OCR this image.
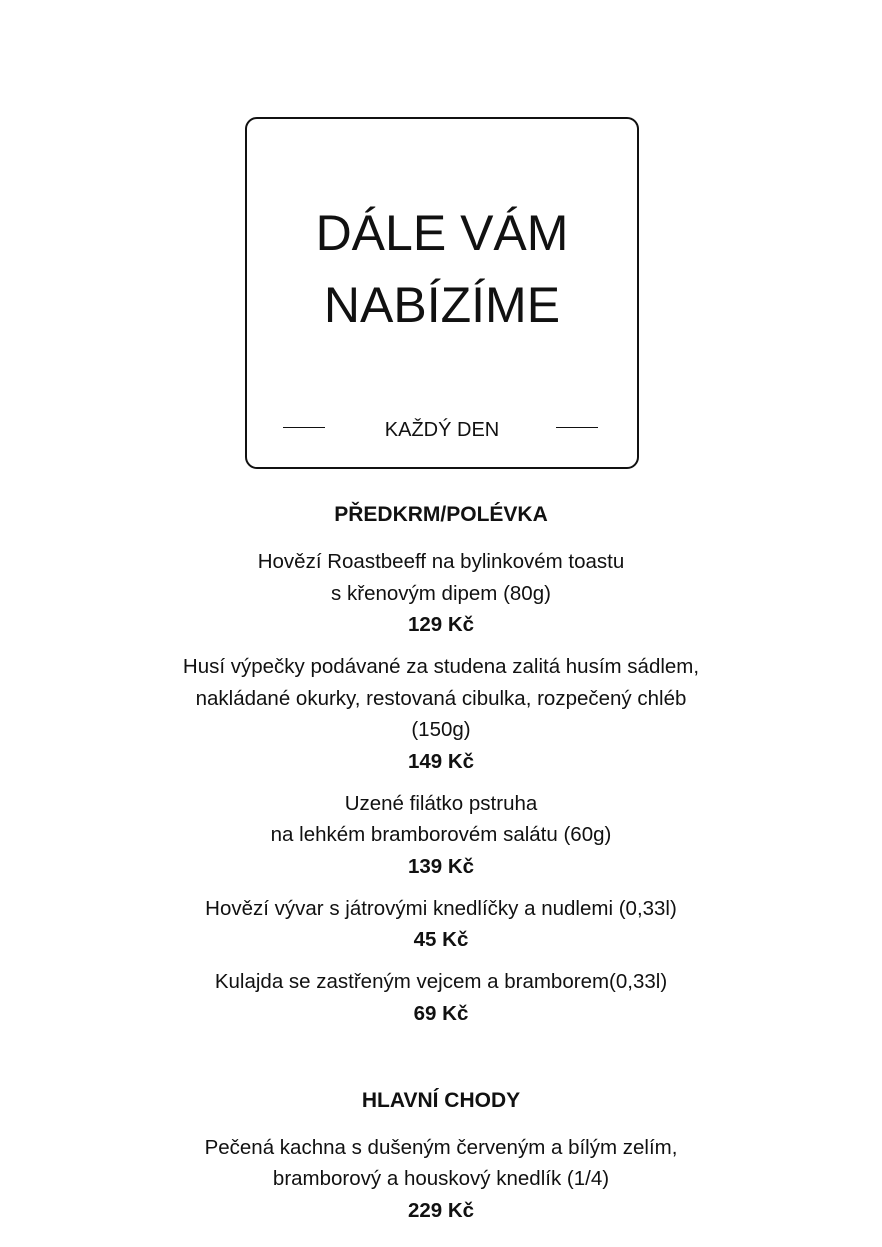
DÁLE VÁM
NABÍZÍME
KAŽDÝ DEN
PŘEDKRM/POLÉVKA
Hovězí Roastbeeff na bylinkovém toastu
s křenovým dipem (80g)
129 Kč
Husí výpečky podávané za studena zalitá husím sádlem,
nakládané okurky, restovaná cibulka, rozpečený chléb
(150g)
149 Kč
Uzené filátko pstruha
na lehkém bramborovém salátu (60g)
139 Kč
Hovězí vývar s játrovými knedlíčky a nudlemi (0,33l)
45 Kč
Kulajda se zastřeným vejcem a bramborem(0,33l)
69 Kč
HLAVNÍ CHODY
Pečená kachna s dušeným červeným a bílým zelím,
bramborový a houskový knedlík (1/4)
229 Kč
